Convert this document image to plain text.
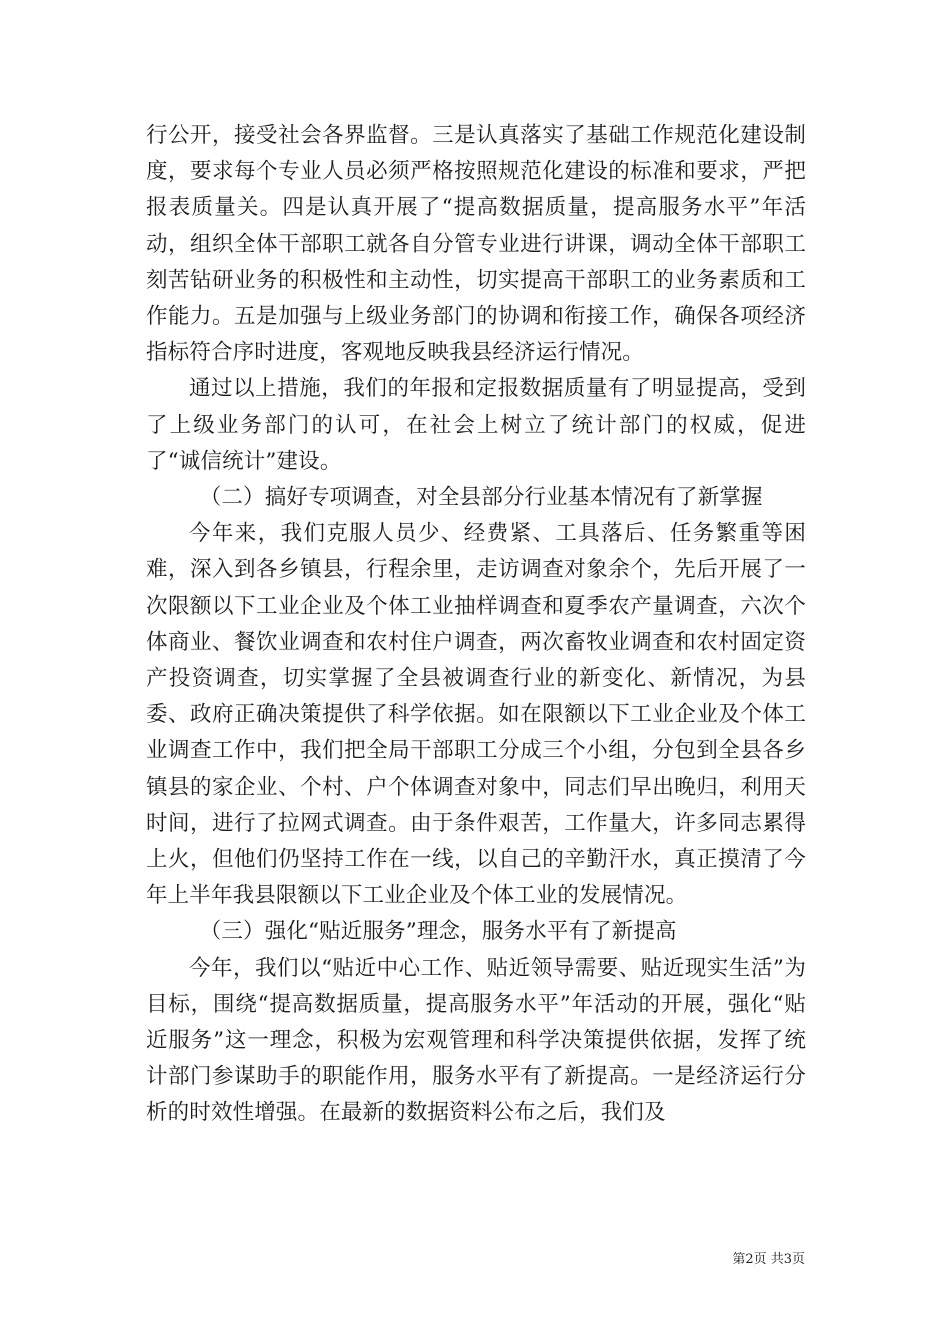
行公开，接受社会各界监督。三是认真落实了基础工作规范化建设制度，要求每个专业人员必须严格按照规范化建设的标准和要求，严把报表质量关。四是认真开展了“提高数据质量，提高服务水平”年活动，组织全体干部职工就各自分管专业进行讲课，调动全体干部职工刻苦钻研业务的积极性和主动性，切实提高干部职工的业务素质和工作能力。五是加强与上级业务部门的协调和衔接工作，确保各项经济指标符合序时进度，客观地反映我县经济运行情况。

通过以上措施，我们的年报和定报数据质量有了明显提高，受到了上级业务部门的认可，在社会上树立了统计部门的权威，促进了“诚信统计”建设。

（二）搞好专项调查，对全县部分行业基本情况有了新掌握

今年来，我们克服人员少、经费紧、工具落后、任务繁重等困难，深入到各乡镇县，行程余里，走访调查对象余个，先后开展了一次限额以下工业企业及个体工业抽样调查和夏季农产量调查，六次个体商业、餐饮业调查和农村住户调查，两次畜牧业调查和农村固定资产投资调查，切实掌握了全县被调查行业的新变化、新情况，为县委、政府正确决策提供了科学依据。如在限额以下工业企业及个体工业调查工作中，我们把全局干部职工分成三个小组，分包到全县各乡镇县的家企业、个村、户个体调查对象中，同志们早出晚归，利用天时间，进行了拉网式调查。由于条件艰苦，工作量大，许多同志累得上火，但他们仍坚持工作在一线，以自己的辛勤汗水，真正摸清了今年上半年我县限额以下工业企业及个体工业的发展情况。

（三）强化“贴近服务”理念，服务水平有了新提高

今年，我们以“贴近中心工作、贴近领导需要、贴近现实生活”为目标，围绕“提高数据质量，提高服务水平”年活动的开展，强化“贴近服务”这一理念，积极为宏观管理和科学决策提供依据，发挥了统计部门参谋助手的职能作用，服务水平有了新提高。一是经济运行分析的时效性增强。在最新的数据资料公布之后，我们及

第2页 共3页
